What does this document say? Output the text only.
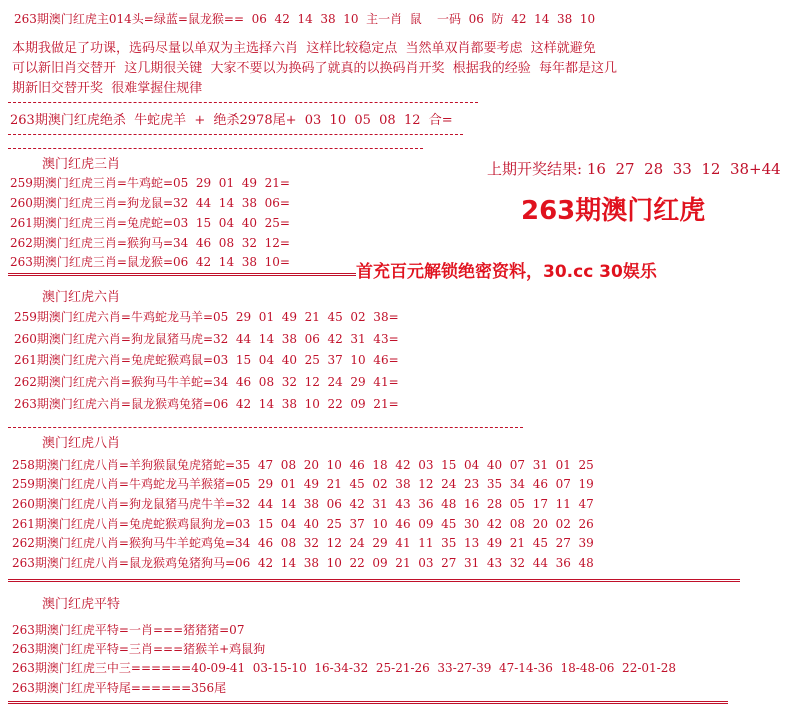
263期澳门红虎主014头=绿蓝=鼠龙猴==  06  42  14  38  10  主一肖  鼠    一码  06  防  42  14  38  10
本期我做足了功课，选码尽量以单双为主选择六肖  这样比较稳定点  当然单双肖都要考虑  这样就避免
可以新旧肖交替开  这几期很关键  大家不要以为换码了就真的以换码肖开奖  根据我的经验  每年都是这几
期新旧交替开奖  很难掌握住规律
263期澳门红虎绝杀  牛蛇虎羊  +  绝杀2978尾+  03  10  05  08  12  合=
澳门红虎三肖
259期澳门红虎三肖=牛鸡蛇=05  29  01  49  21=
260期澳门红虎三肖=狗龙鼠=32  44  14  38  06=
261期澳门红虎三肖=兔虎蛇=03  15  04  40  25=
262期澳门红虎三肖=猴狗马=34  46  08  32  12=
263期澳门红虎三肖=鼠龙猴=06  42  14  38  10=
上期开奖结果: 16  27  28  33  12  38+44
263期澳门红虎
首充百元解锁绝密资料，30.cc 30娱乐
澳门红虎六肖
259期澳门红虎六肖=牛鸡蛇龙马羊=05  29  01  49  21  45  02  38=
260期澳门红虎六肖=狗龙鼠猪马虎=32  44  14  38  06  42  31  43=
261期澳门红虎六肖=兔虎蛇猴鸡鼠=03  15  04  40  25  37  10  46=
262期澳门红虎六肖=猴狗马牛羊蛇=34  46  08  32  12  24  29  41=
263期澳门红虎六肖=鼠龙猴鸡兔猪=06  42  14  38  10  22  09  21=
澳门红虎八肖
258期澳门红虎八肖=羊狗猴鼠兔虎猪蛇=35  47  08  20  10  46  18  42  03  15  04  40  07  31  01  25
259期澳门红虎八肖=牛鸡蛇龙马羊猴猪=05  29  01  49  21  45  02  38  12  24  23  35  34  46  07  19
260期澳门红虎八肖=狗龙鼠猪马虎牛羊=32  44  14  38  06  42  31  43  36  48  16  28  05  17  11  47
261期澳门红虎八肖=兔虎蛇猴鸡鼠狗龙=03  15  04  40  25  37  10  46  09  45  30  42  08  20  02  26
262期澳门红虎八肖=猴狗马牛羊蛇鸡兔=34  46  08  32  12  24  29  41  11  35  13  49  21  45  27  39
263期澳门红虎八肖=鼠龙猴鸡兔猪狗马=06  42  14  38  10  22  09  21  03  27  31  43  32  44  36  48
澳门红虎平特
263期澳门红虎平特=一肖===猪猪猪=07
263期澳门红虎平特=三肖===猪猴羊+鸡鼠狗
263期澳门红虎三中三======40-09-41  03-15-10  16-34-32  25-21-26  33-27-39  47-14-36  18-48-06  22-01-28
263期澳门红虎平特尾======356尾
